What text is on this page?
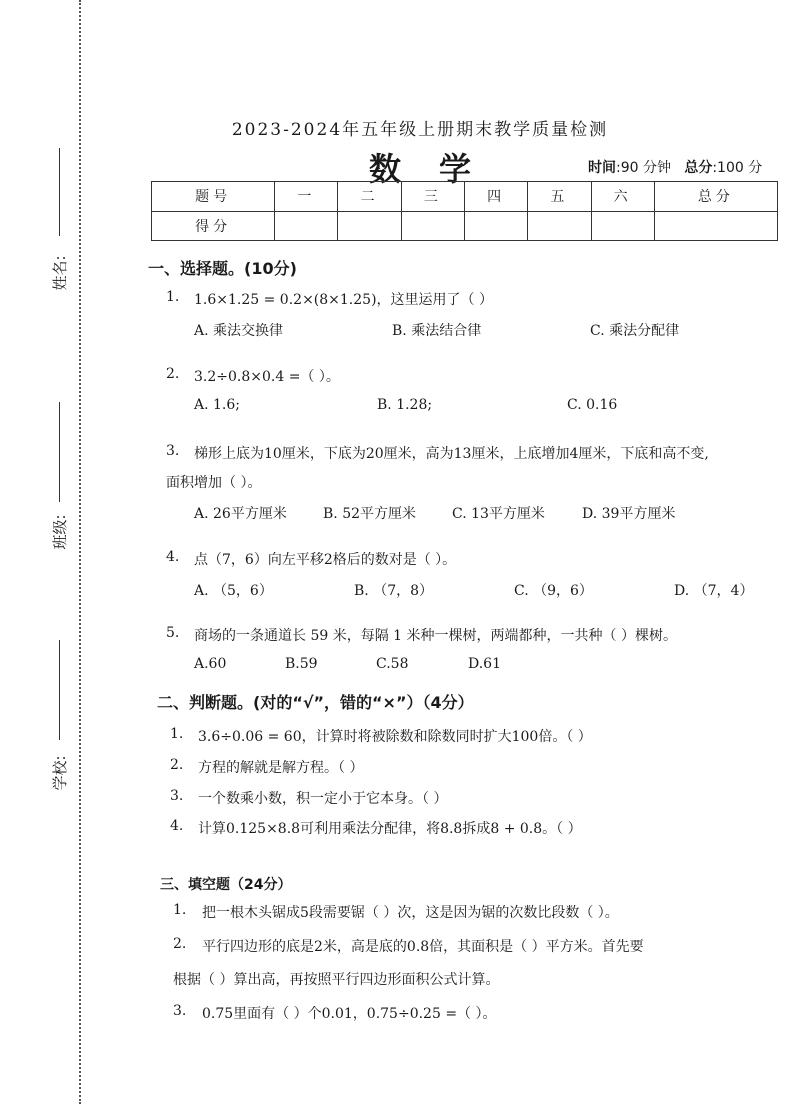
姓名:
班级:
学校:
2023-2024年五年级上册期末教学质量检测
数学	时间:90 分钟 总分:100 分
题号	一	二	三	四	五	六	总分
得分							
一、选择题。(10分)
1. 1.6×1.25 = 0.2×(8×1.25)，这里运用了（ ）
A. 乘法交换律	B. 乘法结合律	C. 乘法分配律
2. 3.2÷0.8×0.4 =（ ）。
A. 1.6;	B. 1.28;	C. 0.16
3. 梯形上底为10厘米，下底为20厘米，高为13厘米，上底增加4厘米，下底和高不变,
面积增加（ ）。
A. 26平方厘米	B. 52平方厘米	C. 13平方厘米	D. 39平方厘米
4. 点（7，6）向左平移2格后的数对是（ ）。
A. （5，6）	B. （7，8）	C. （9，6）	D. （7，4）
5. 商场的一条通道长 59 米，每隔 1 米种一棵树，两端都种，一共种（ ）棵树。
A.60	B.59	C.58	D.61
二、判断题。(对的“√”，错的“×”）（4分）
1. 3.6÷0.06 = 60，计算时将被除数和除数同时扩大100倍。（ ）
2. 方程的解就是解方程。（ ）
3. 一个数乘小数，积一定小于它本身。（ ）
4. 计算0.125×8.8可利用乘法分配律，将8.8拆成8 + 0.8。（ ）
三、填空题（24分）
1. 把一根木头锯成5段需要锯（ ）次，这是因为锯的次数比段数（ ）。
2. 平行四边形的底是2米，高是底的0.8倍，其面积是（ ）平方米。首先要
根据（ ）算出高，再按照平行四边形面积公式计算。
3. 0.75里面有（ ）个0.01，0.75÷0.25 =（ ）。
